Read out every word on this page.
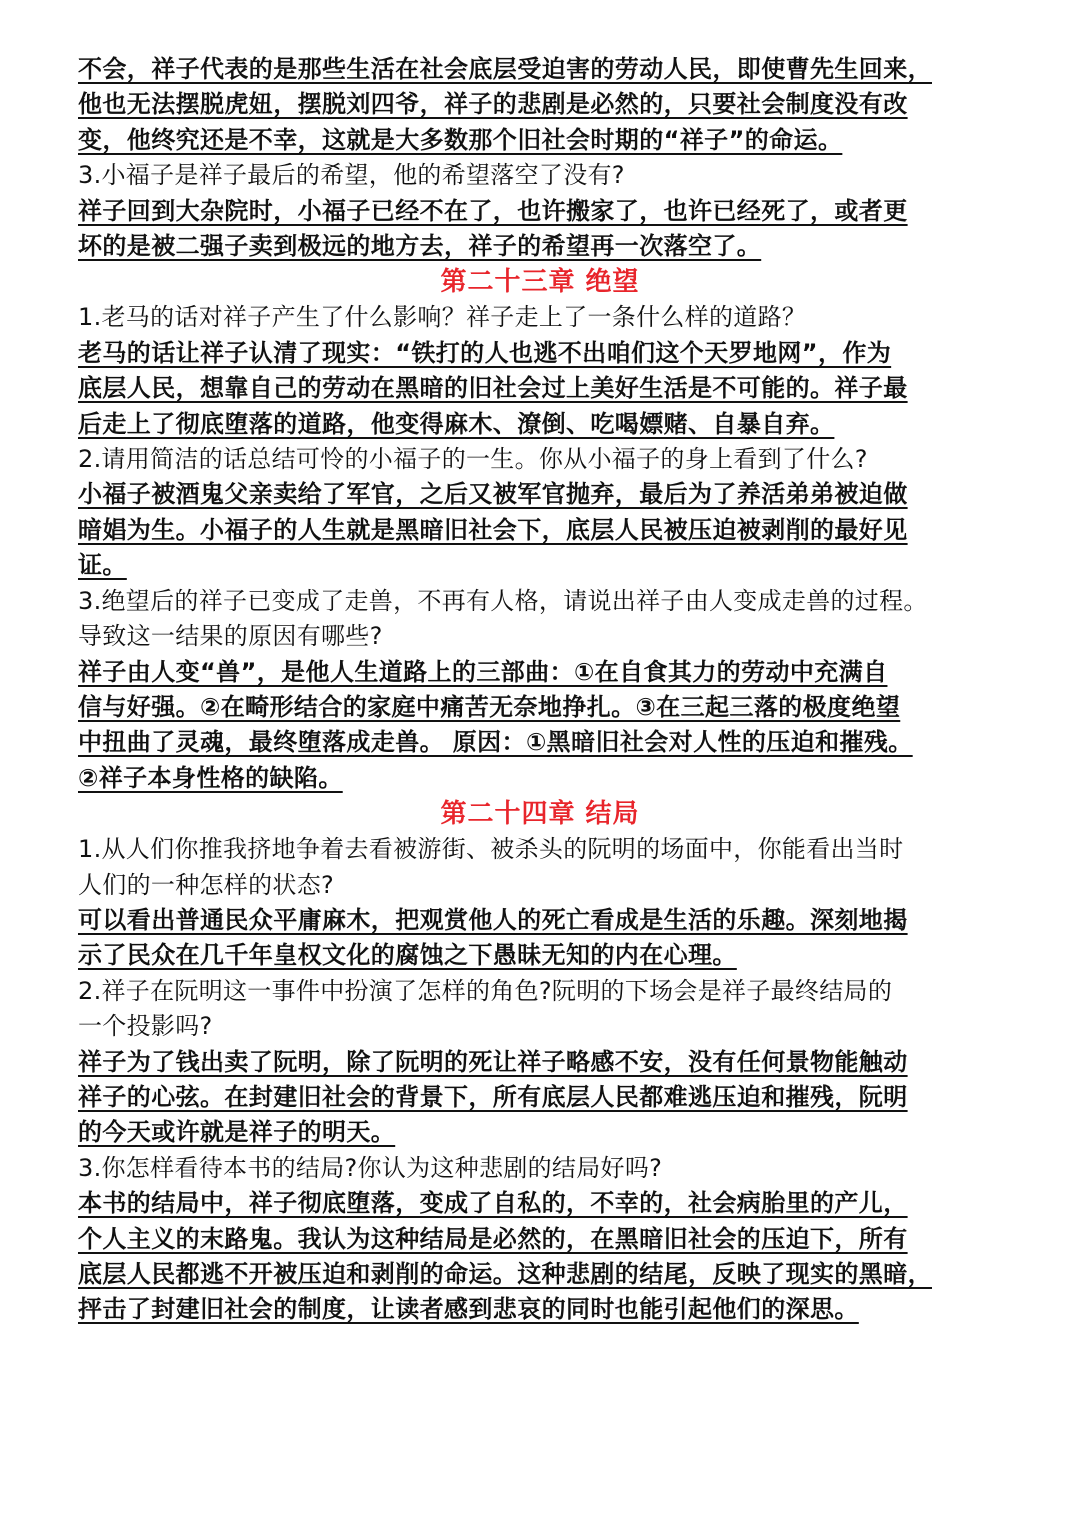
不会，祥子代表的是那些生活在社会底层受迫害的劳动人民，即使曹先生回来，
他也无法摆脱虎妞，摆脱刘四爷，祥子的悲剧是必然的，只要社会制度没有改
变，他终究还是不幸，这就是大多数那个旧社会时期的“祥子”的命运。
3.小福子是祥子最后的希望，他的希望落空了没有?
祥子回到大杂院时，小福子已经不在了，也许搬家了，也许已经死了，或者更
坏的是被二强子卖到极远的地方去，祥子的希望再一次落空了。
第二十三章 绝望
1.老马的话对祥子产生了什么影响？祥子走上了一条什么样的道路？
老马的话让祥子认清了现实：“铁打的人也逃不出咱们这个天罗地网”，作为
底层人民，想靠自己的劳动在黑暗的旧社会过上美好生活是不可能的。祥子最
后走上了彻底堕落的道路，他变得麻木、潦倒、吃喝嫖赌、自暴自弃。
2.请用简洁的话总结可怜的小福子的一生。你从小福子的身上看到了什么?
小福子被酒鬼父亲卖给了军官，之后又被军官抛弃，最后为了养活弟弟被迫做
暗娼为生。小福子的人生就是黑暗旧社会下，底层人民被压迫被剥削的最好见
证。
3.绝望后的祥子已变成了走兽，不再有人格，请说出祥子由人变成走兽的过程。
导致这一结果的原因有哪些?
祥子由人变“兽”，是他人生道路上的三部曲：①在自食其力的劳动中充满自
信与好强。②在畸形结合的家庭中痛苦无奈地挣扎。③在三起三落的极度绝望
中扭曲了灵魂，最终堕落成走兽。 原因：①黑暗旧社会对人性的压迫和摧残。
②祥子本身性格的缺陷。
第二十四章 结局
1.从人们你推我挤地争着去看被游街、被杀头的阮明的场面中，你能看出当时
人们的一种怎样的状态?
可以看出普通民众平庸麻木，把观赏他人的死亡看成是生活的乐趣。深刻地揭
示了民众在几千年皇权文化的腐蚀之下愚昧无知的内在心理。
2.祥子在阮明这一事件中扮演了怎样的角色?阮明的下场会是祥子最终结局的
一个投影吗?
祥子为了钱出卖了阮明，除了阮明的死让祥子略感不安，没有任何景物能触动
祥子的心弦。在封建旧社会的背景下，所有底层人民都难逃压迫和摧残，阮明
的今天或许就是祥子的明天。
3.你怎样看待本书的结局?你认为这种悲剧的结局好吗?
本书的结局中，祥子彻底堕落，变成了自私的，不幸的，社会病胎里的产儿，
个人主义的末路鬼。我认为这种结局是必然的，在黑暗旧社会的压迫下，所有
底层人民都逃不开被压迫和剥削的命运。这种悲剧的结尾，反映了现实的黑暗，
抨击了封建旧社会的制度，让读者感到悲哀的同时也能引起他们的深思。
